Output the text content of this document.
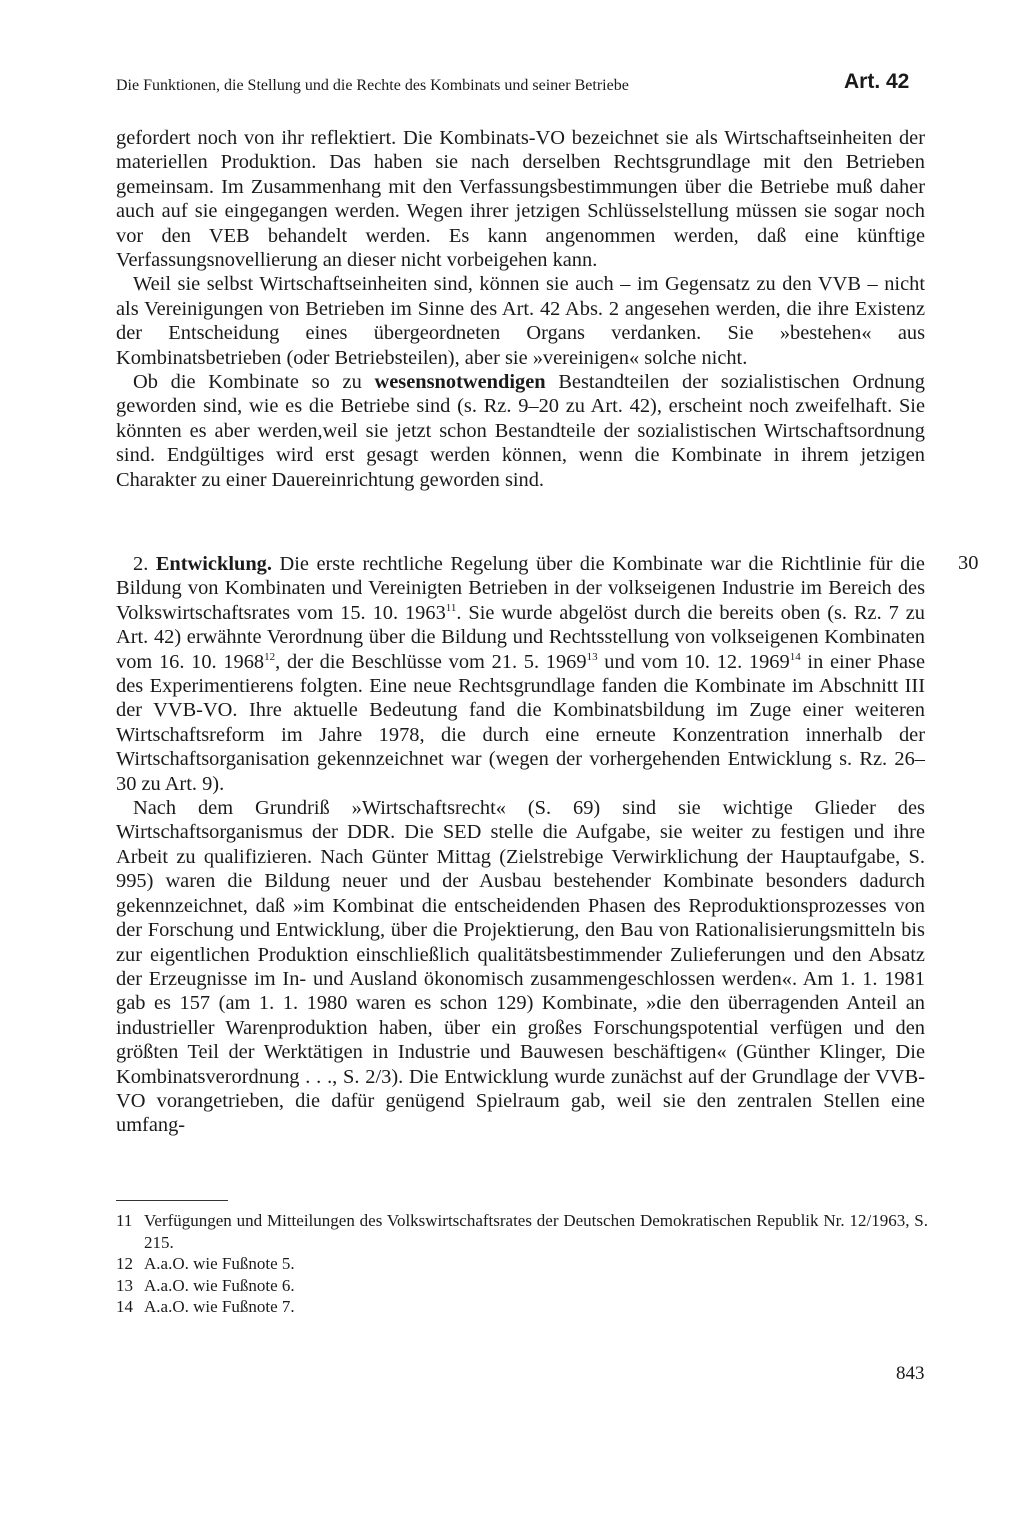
Die Funktionen, die Stellung und die Rechte des Kombinats und seiner Betriebe	Art. 42

gefordert noch von ihr reflektiert. Die Kombinats-VO bezeichnet sie als Wirtschaftseinheiten der materiellen Produktion. Das haben sie nach derselben Rechtsgrundlage mit den Betrieben gemeinsam. Im Zusammenhang mit den Verfassungsbestimmungen über die Betriebe muß daher auch auf sie eingegangen werden. Wegen ihrer jetzigen Schlüsselstellung müssen sie sogar noch vor den VEB behandelt werden. Es kann angenommen werden, daß eine künftige Verfassungsnovellierung an dieser nicht vorbeigehen kann.

Weil sie selbst Wirtschaftseinheiten sind, können sie auch – im Gegensatz zu den VVB – nicht als Vereinigungen von Betrieben im Sinne des Art. 42 Abs. 2 angesehen werden, die ihre Existenz der Entscheidung eines übergeordneten Organs verdanken. Sie »bestehen« aus Kombinatsbetrieben (oder Betriebsteilen), aber sie »vereinigen« solche nicht.

Ob die Kombinate so zu wesensnotwendigen Bestandteilen der sozialistischen Ordnung geworden sind, wie es die Betriebe sind (s. Rz. 9–20 zu Art. 42), erscheint noch zweifelhaft. Sie könnten es aber werden,weil sie jetzt schon Bestandteile der sozialistischen Wirtschaftsordnung sind. Endgültiges wird erst gesagt werden können, wenn die Kombinate in ihrem jetzigen Charakter zu einer Dauereinrichtung geworden sind.

30

2. Entwicklung. Die erste rechtliche Regelung über die Kombinate war die Richtlinie für die Bildung von Kombinaten und Vereinigten Betrieben in der volkseigenen Industrie im Bereich des Volkswirtschaftsrates vom 15. 10. 1963$^{11}$. Sie wurde abgelöst durch die bereits oben (s. Rz. 7 zu Art. 42) erwähnte Verordnung über die Bildung und Rechtsstellung von volkseigenen Kombinaten vom 16. 10. 1968$^{12}$, der die Beschlüsse vom 21. 5. 1969$^{13}$ und vom 10. 12. 1969$^{14}$ in einer Phase des Experimentierens folgten. Eine neue Rechtsgrundlage fanden die Kombinate im Abschnitt III der VVB-VO. Ihre aktuelle Bedeutung fand die Kombinatsbildung im Zuge einer weiteren Wirtschaftsreform im Jahre 1978, die durch eine erneute Konzentration innerhalb der Wirtschaftsorganisation gekennzeichnet war (wegen der vorhergehenden Entwicklung s. Rz. 26–30 zu Art. 9).

Nach dem Grundriß »Wirtschaftsrecht« (S. 69) sind sie wichtige Glieder des Wirtschaftsorganismus der DDR. Die SED stelle die Aufgabe, sie weiter zu festigen und ihre Arbeit zu qualifizieren. Nach Günter Mittag (Zielstrebige Verwirklichung der Hauptaufgabe, S. 995) waren die Bildung neuer und der Ausbau bestehender Kombinate besonders dadurch gekennzeichnet, daß »im Kombinat die entscheidenden Phasen des Reproduktionsprozesses von der Forschung und Entwicklung, über die Projektierung, den Bau von Rationalisierungsmitteln bis zur eigentlichen Produktion einschließlich qualitätsbestimmender Zulieferungen und den Absatz der Erzeugnisse im In- und Ausland ökonomisch zusammengeschlossen werden«. Am 1. 1. 1981 gab es 157 (am 1. 1. 1980 waren es schon 129) Kombinate, »die den überragenden Anteil an industrieller Warenproduktion haben, über ein großes Forschungspotential verfügen und den größten Teil der Werktätigen in Industrie und Bauwesen beschäftigen« (Günther Klinger, Die Kombinatsverordnung . . ., S. 2/3). Die Entwicklung wurde zunächst auf der Grundlage der VVB-VO vorangetrieben, die dafür genügend Spielraum gab, weil sie den zentralen Stellen eine umfang-

11 Verfügungen und Mitteilungen des Volkswirtschaftsrates der Deutschen Demokratischen Republik Nr. 12/1963, S. 215.
12 A.a.O. wie Fußnote 5.
13 A.a.O. wie Fußnote 6.
14 A.a.O. wie Fußnote 7.
843
